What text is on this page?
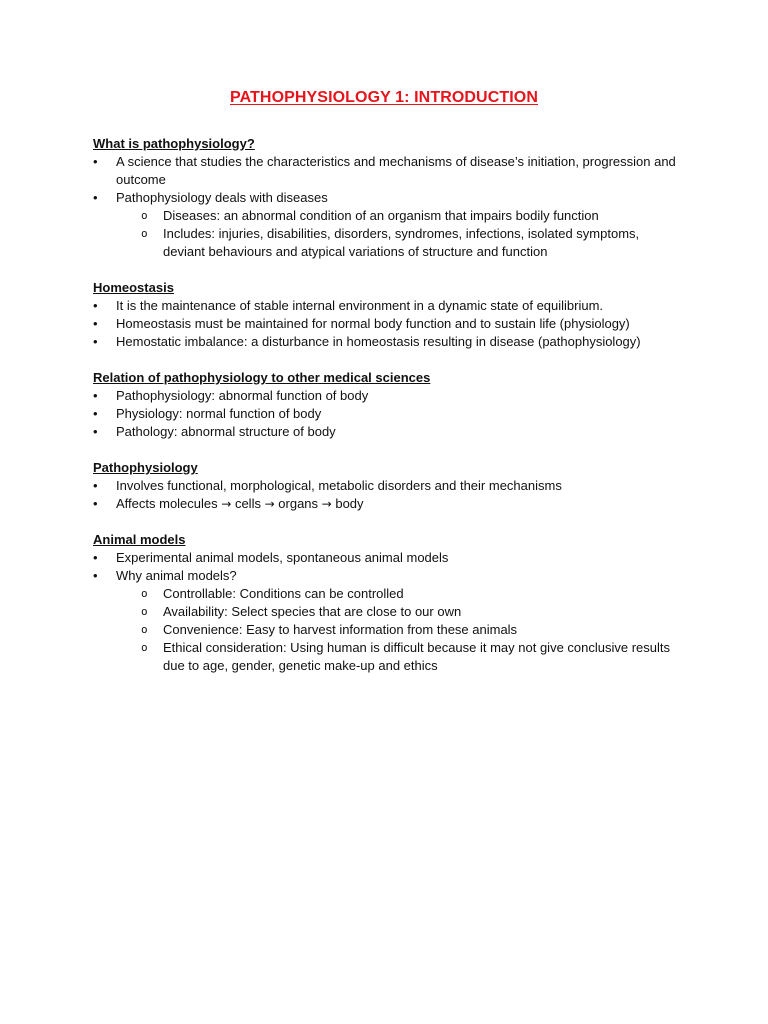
PATHOPHYSIOLOGY 1: INTRODUCTION

What is pathophysiology?

• A science that studies the characteristics and mechanisms of disease’s initiation, progression and outcome
• Pathophysiology deals with diseases
o Diseases: an abnormal condition of an organism that impairs bodily function
o Includes: injuries, disabilities, disorders, syndromes, infections, isolated symptoms, deviant behaviours and atypical variations of structure and function

Homeostasis

• It is the maintenance of stable internal environment in a dynamic state of equilibrium.
• Homeostasis must be maintained for normal body function and to sustain life (physiology)
• Hemostatic imbalance: a disturbance in homeostasis resulting in disease (pathophysiology)

Relation of pathophysiology to other medical sciences

• Pathophysiology: abnormal function of body
• Physiology: normal function of body
• Pathology: abnormal structure of body

Pathophysiology

• Involves functional, morphological, metabolic disorders and their mechanisms
• Affects molecules → cells → organs → body

Animal models

• Experimental animal models, spontaneous animal models
• Why animal models?
o Controllable: Conditions can be controlled
o Availability: Select species that are close to our own
o Convenience: Easy to harvest information from these animals
o Ethical consideration: Using human is difficult because it may not give conclusive results due to age, gender, genetic make-up and ethics
